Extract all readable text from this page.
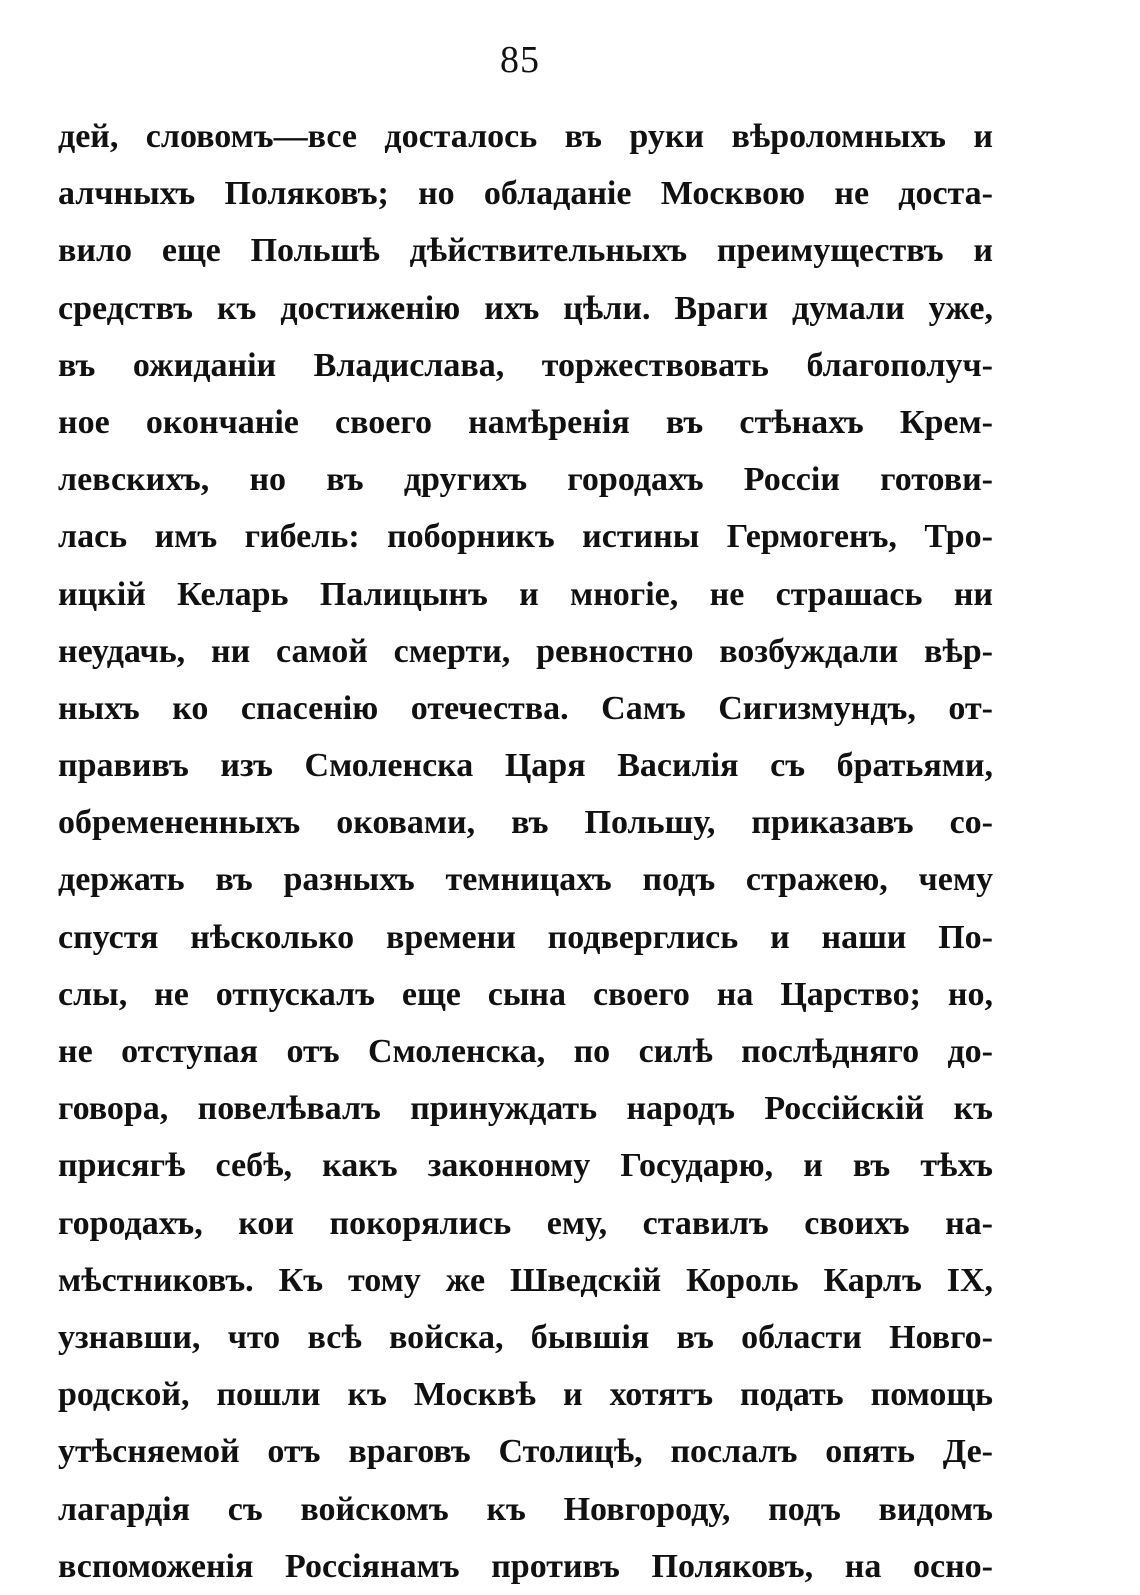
85
дей, словомъ—все досталось въ руки вѣроломныхъ и
алчныхъ Поляковъ; но обладаніе Москвою не доста-
вило еще Польшѣ дѣйствительныхъ преимуществъ и
средствъ къ достиженію ихъ цѣли. Враги думали уже,
въ ожиданіи Владислава, торжествовать благополуч-
ное окончаніе своего намѣренія въ стѣнахъ Крем-
левскихъ, но въ другихъ городахъ Россіи готови-
лась имъ гибель: поборникъ истины Гермогенъ, Тро-
ицкій Келарь Палицынъ и многіе, не страшась ни
неудачь, ни самой смерти, ревностно возбуждали вѣр-
ныхъ ко спасенію отечества. Самъ Сигизмундъ, от-
правивъ изъ Смоленска Царя Василія съ братьями,
обремененныхъ оковами, въ Польшу, приказавъ со-
держать въ разныхъ темницахъ подъ стражею, чему
спустя нѣсколько времени подверглись и наши По-
слы, не отпускалъ еще сына своего на Царство; но,
не отступая отъ Смоленска, по силѣ послѣдняго до-
говора, повелѣвалъ принуждать народъ Россійскій къ
присягѣ себѣ, какъ законному Государю, и въ тѣхъ
городахъ, кои покорялись ему, ставилъ своихъ на-
мѣстниковъ. Къ тому же Шведскій Король Карлъ IX,
узнавши, что всѣ войска, бывшія въ области Новго-
родской, пошли къ Москвѣ и хотятъ подать помощь
утѣсняемой отъ враговъ Столицѣ, послалъ опять Де-
лагардія съ войскомъ къ Новгороду, подъ видомъ
вспоможенія Россіянамъ противъ Поляковъ, на осно-
